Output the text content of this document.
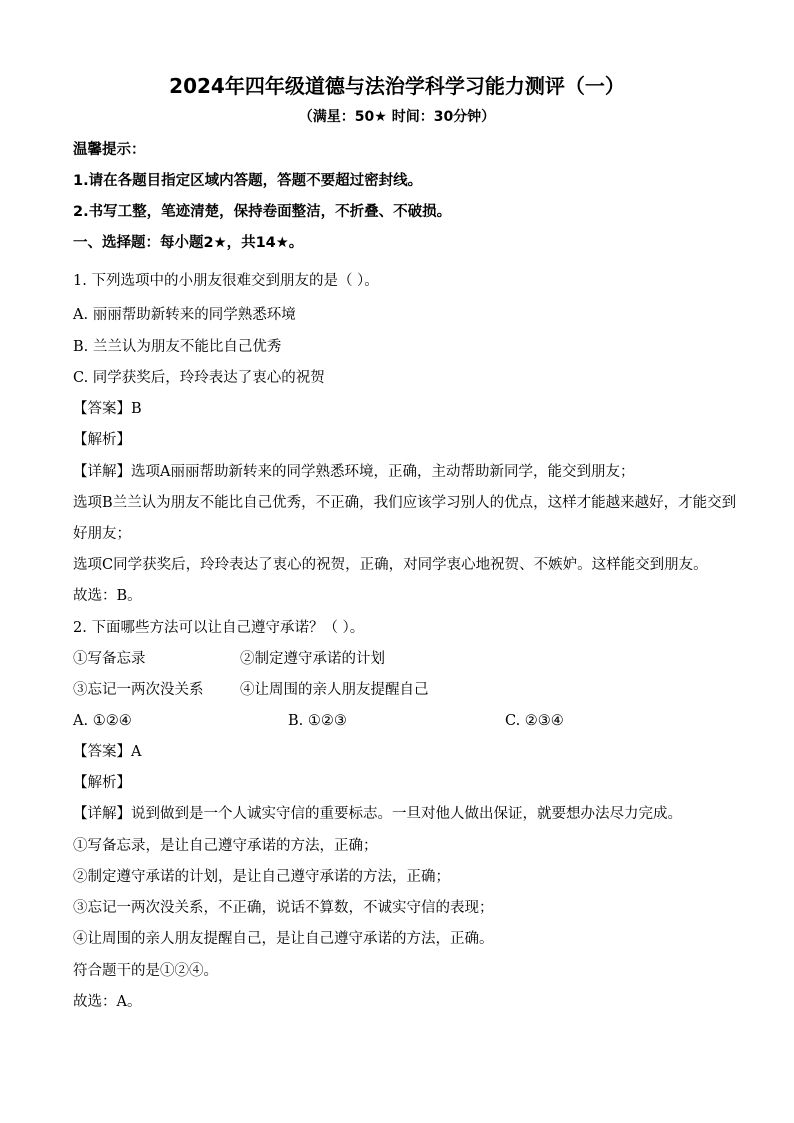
2024年四年级道德与法治学科学习能力测评（一）
（满星：50★ 时间：30分钟）
温馨提示：
1.请在各题目指定区域内答题，答题不要超过密封线。
2.书写工整，笔迹清楚，保持卷面整洁，不折叠、不破损。
一、选择题：每小题2★，共14★。
1. 下列选项中的小朋友很难交到朋友的是（ ）。
A. 丽丽帮助新转来的同学熟悉环境
B. 兰兰认为朋友不能比自己优秀
C. 同学获奖后，玲玲表达了衷心的祝贺
【答案】B
【解析】
【详解】选项A丽丽帮助新转来的同学熟悉环境，正确，主动帮助新同学，能交到朋友；
选项B兰兰认为朋友不能比自己优秀，不正确，我们应该学习别人的优点，这样才能越来越好，才能交到
好朋友；
选项C同学获奖后，玲玲表达了衷心的祝贺，正确，对同学衷心地祝贺、不嫉妒。这样能交到朋友。
故选：B。
2. 下面哪些方法可以让自己遵守承诺？（ ）。
①写备忘录	②制定遵守承诺的计划
③忘记一两次没关系	④让周围的亲人朋友提醒自己
A. ①②④	B. ①②③	C. ②③④
【答案】A
【解析】
【详解】说到做到是一个人诚实守信的重要标志。一旦对他人做出保证，就要想办法尽力完成。
①写备忘录，是让自己遵守承诺的方法，正确；
②制定遵守承诺的计划，是让自己遵守承诺的方法，正确；
③忘记一两次没关系，不正确，说话不算数，不诚实守信的表现；
④让周围的亲人朋友提醒自己，是让自己遵守承诺的方法，正确。
符合题干的是①②④。
故选：A。
